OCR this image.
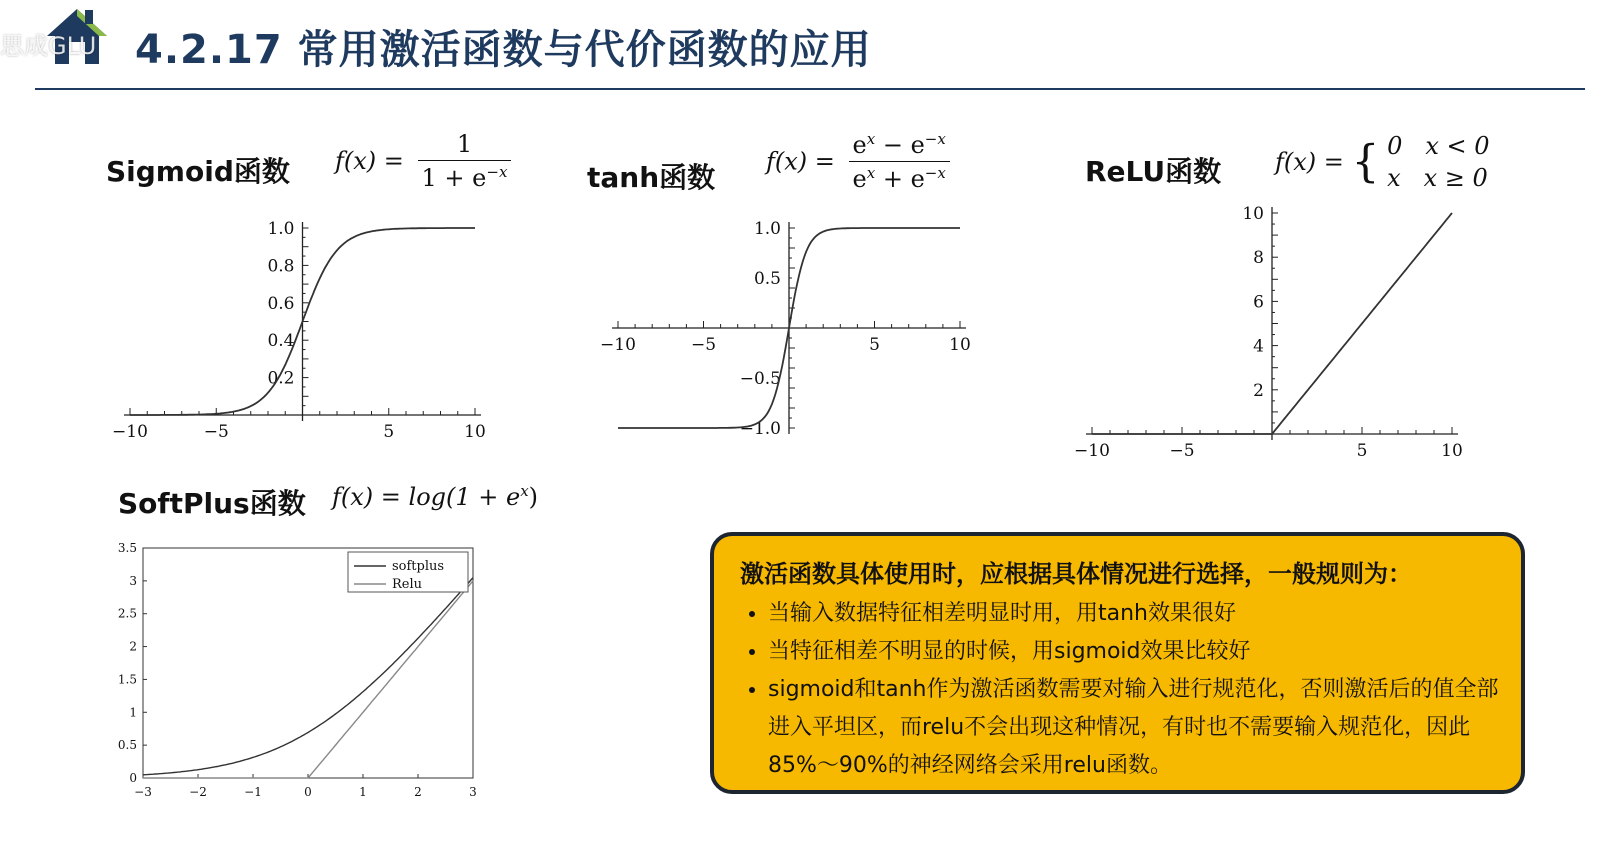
思成GLU 4.2.17 常用激活函数与代价函数的应用
Sigmoid函数 $f(x) = \frac{1}{1 + e^{-x}}$	tanh函数 $f(x) = \frac{e^x - e^{-x}}{e^x + e^{-x}}$	ReLU函数 f(x) = { 0   x < 0
x   x ≥ 0
SoftPlus函数 $f(x) = \log(1 + e^x)$
−10	−5	5	10
0.2
0.4
0.6
0.8
1.0
−10	−5	5	10
−1.0
−0.5
0.5
1.0
−10	−5	5	10
2
4
6
8
10
−3	−2	−1	0	1	2	3
0
0.5
1
1.5
2
2.5
3
3.5
softplus
Relu	激活函数具体使用时，应根据具体情况进行选择，一般规则为：
• 当输入数据特征相差明显时用，用tanh效果很好
• 当特征相差不明显的时候，用sigmoid效果比较好
• sigmoid和tanh作为激活函数需要对输入进行规范化，否则激活后的值全部进入平坦区，而relu不会出现这种情况，有时也不需要输入规范化，因此85%～90%的神经网络会采用relu函数。
